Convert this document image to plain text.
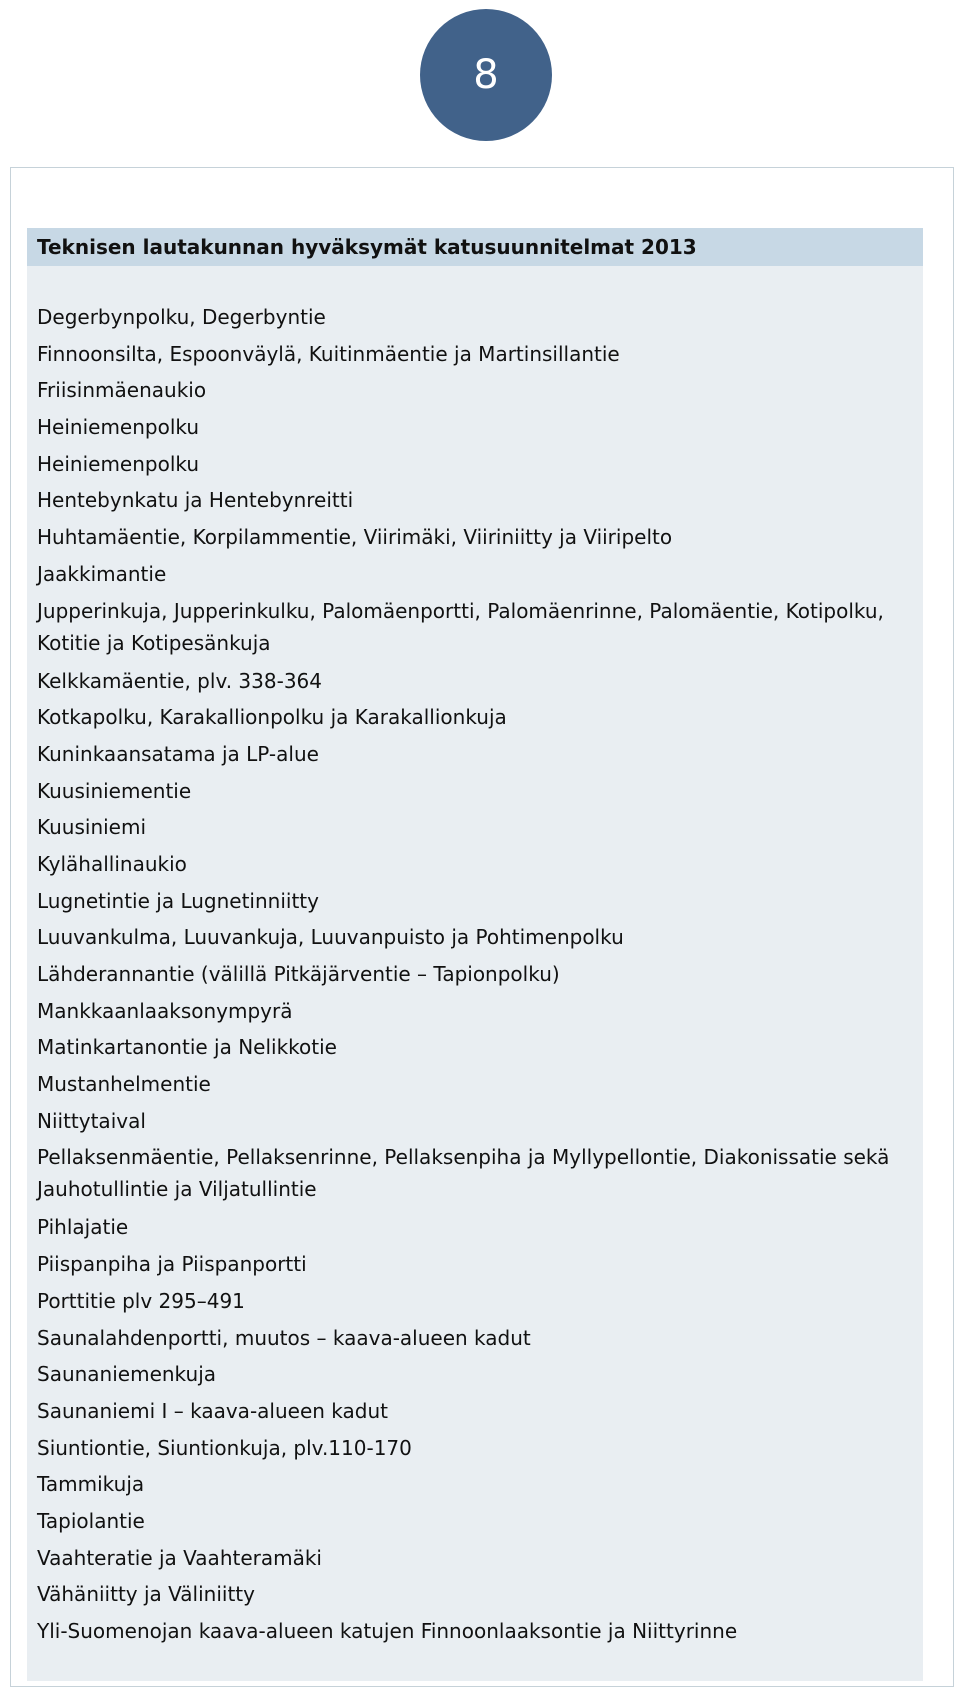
8
Teknisen lautakunnan hyväksymät katusuunnitelmat 2013
Degerbynpolku, Degerbyntie
Finnoonsilta, Espoonväylä, Kuitinmäentie ja Martinsillantie
Friisinmäenaukio
Heiniemenpolku
Heiniemenpolku
Hentebynkatu ja Hentebynreitti
Huhtamäentie, Korpilammentie, Viirimäki, Viiriniitty ja Viiripelto
Jaakkimantie
Jupperinkuja, Jupperinkulku, Palomäenportti, Palomäenrinne, Palomäentie, Kotipolku, Kotitie ja Kotipesänkuja
Kelkkamäentie, plv. 338-364
Kotkapolku, Karakallionpolku ja Karakallionkuja
Kuninkaansatama ja LP-alue
Kuusiniementie
Kuusiniemi
Kylähallinaukio
Lugnetintie ja Lugnetinniitty
Luuvankulma, Luuvankuja, Luuvanpuisto ja Pohtimenpolku
Lähderannantie (välillä Pitkäjärventie – Tapionpolku)
Mankkaanlaaksonympyrä
Matinkartanontie ja Nelikkotie
Mustanhelmentie
Niittytaival
Pellaksenmäentie, Pellaksenrinne, Pellaksenpiha ja Myllypellontie, Diakonissatie sekä Jauhotullintie ja Viljatullintie
Pihlajatie
Piispanpiha ja Piispanportti
Porttitie plv 295–491
Saunalahdenportti, muutos – kaava-alueen kadut
Saunaniemenkuja
Saunaniemi I – kaava-alueen kadut
Siuntiontie, Siuntionkuja, plv.110-170
Tammikuja
Tapiolantie
Vaahteratie ja Vaahteramäki
Vähäniitty ja Väliniitty
Yli-Suomenojan kaava-alueen katujen Finnoonlaaksontie ja Niittyrinne
